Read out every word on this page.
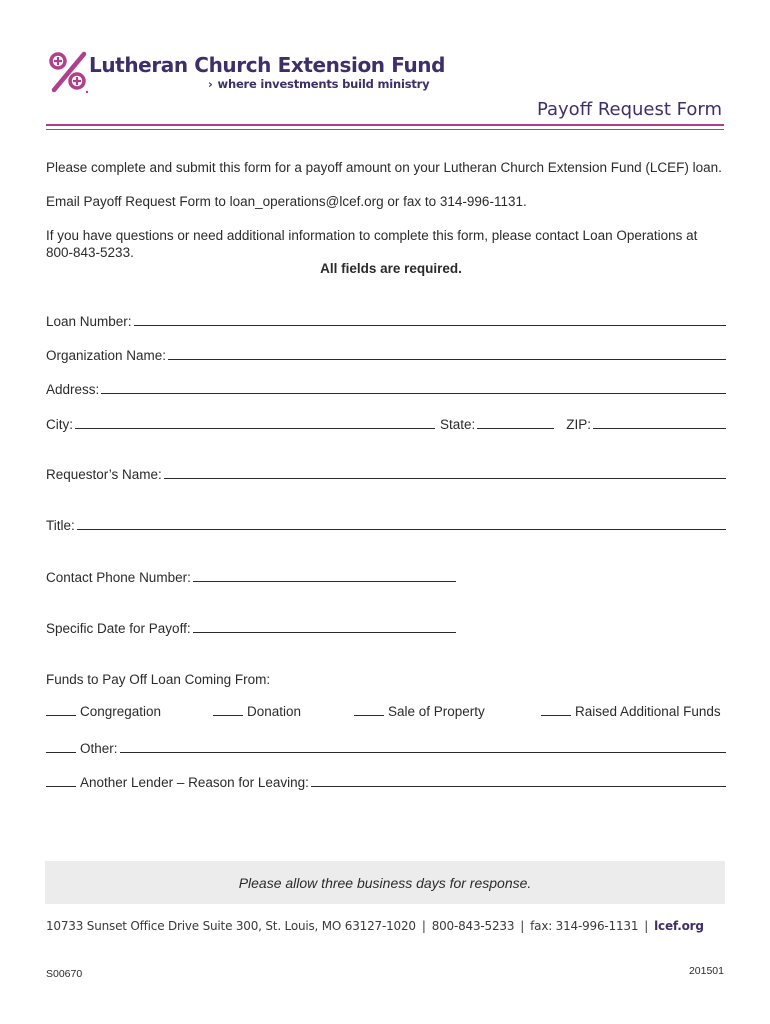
Lutheran Church Extension Fund
› where investments build ministry
Payoff Request Form
Please complete and submit this form for a payoff amount on your Lutheran Church Extension Fund (LCEF) loan.
Email Payoff Request Form to loan_operations@lcef.org or fax to 314-996-1131.
If you have questions or need additional information to complete this form, please contact Loan Operations at
800-843-5233.
All fields are required.
Loan Number:
Organization Name:
Address:
City:	State:	ZIP:
Requestor’s Name:
Title:
Contact Phone Number:
Specific Date for Payoff:
Funds to Pay Off Loan Coming From:
Congregation	Donation	Sale of Property	Raised Additional Funds
Other:
Another Lender – Reason for Leaving:
Please allow three business days for response.
10733 Sunset Office Drive Suite 300, St. Louis, MO 63127-1020 | 800-843-5233 | fax: 314-996-1131 | lcef.org
S00670	201501
